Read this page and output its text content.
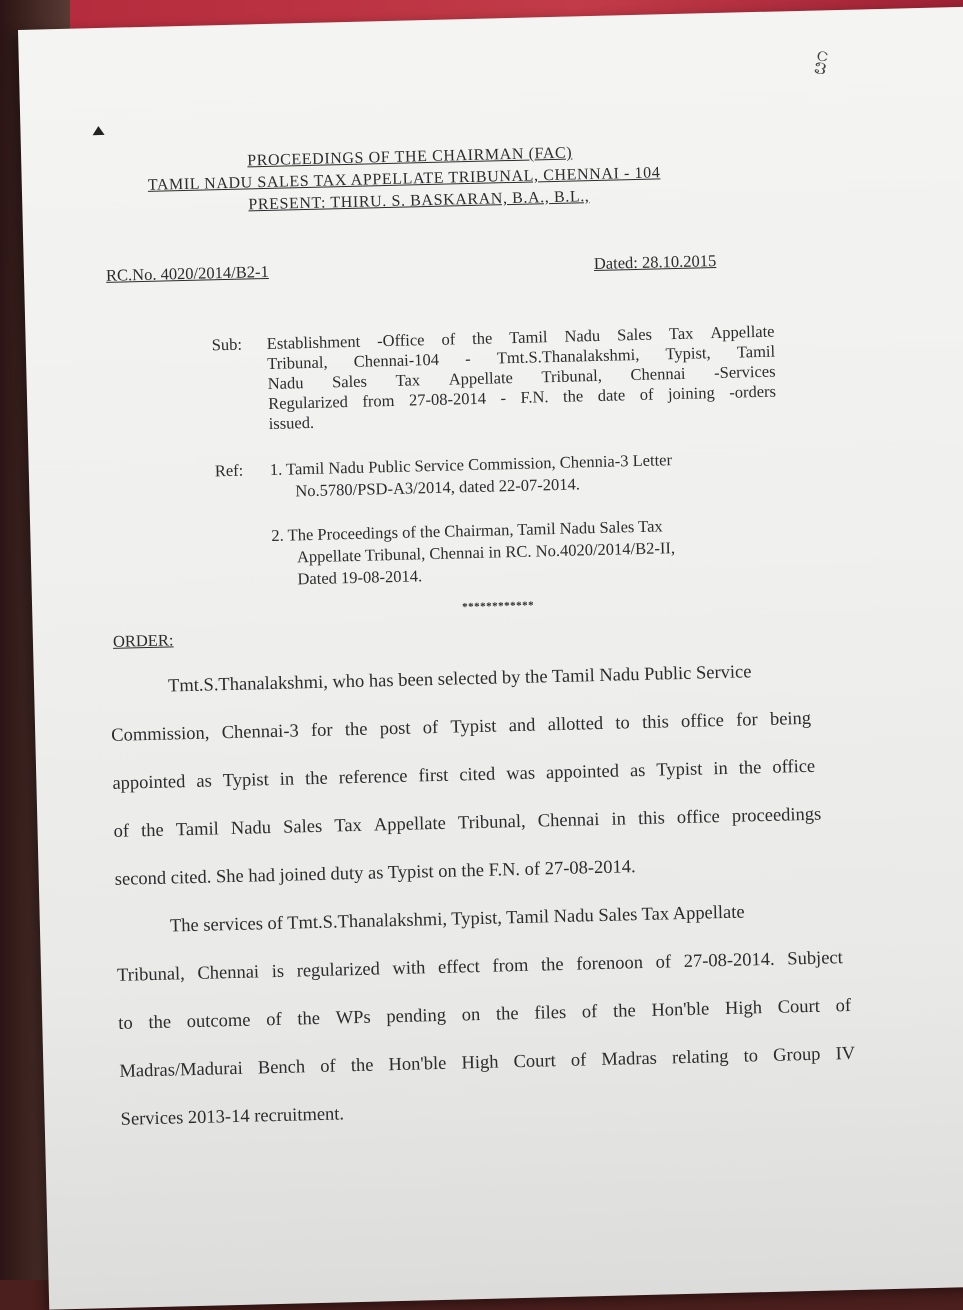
ೞ೧
PROCEEDINGS OF THE CHAIRMAN (FAC)
TAMIL NADU SALES TAX APPELLATE TRIBUNAL, CHENNAI - 104
PRESENT: THIRU. S. BASKARAN, B.A., B.L.,
RC.No. 4020/2014/B2-1	Dated: 28.10.2015
Sub: Establishment -Office of the Tamil Nadu Sales Tax Appellate
Tribunal, Chennai-104 - Tmt.S.Thanalakshmi, Typist, Tamil
Nadu Sales Tax Appellate Tribunal, Chennai -Services
Regularized from 27-08-2014 - F.N. the date of joining -orders
issued.
Ref: 1. Tamil Nadu Public Service Commission, Chennia-3 Letter
No.5780/PSD-A3/2014, dated 22-07-2014.
2. The Proceedings of the Chairman, Tamil Nadu Sales Tax
Appellate Tribunal, Chennai in RC. No.4020/2014/B2-II,
Dated 19-08-2014.
************
ORDER:
Tmt.S.Thanalakshmi, who has been selected by the Tamil Nadu Public Service
Commission, Chennai-3 for the post of Typist and allotted to this office for being
appointed as Typist in the reference first cited was appointed as Typist in the office
of the Tamil Nadu Sales Tax Appellate Tribunal, Chennai in this office proceedings
second cited. She had joined duty as Typist on the F.N. of 27-08-2014.
The services of Tmt.S.Thanalakshmi, Typist, Tamil Nadu Sales Tax Appellate
Tribunal, Chennai is regularized with effect from the forenoon of 27-08-2014. Subject
to the outcome of the WPs pending on the files of the Hon'ble High Court of
Madras/Madurai Bench of the Hon'ble High Court of Madras relating to Group IV
Services 2013-14 recruitment.
